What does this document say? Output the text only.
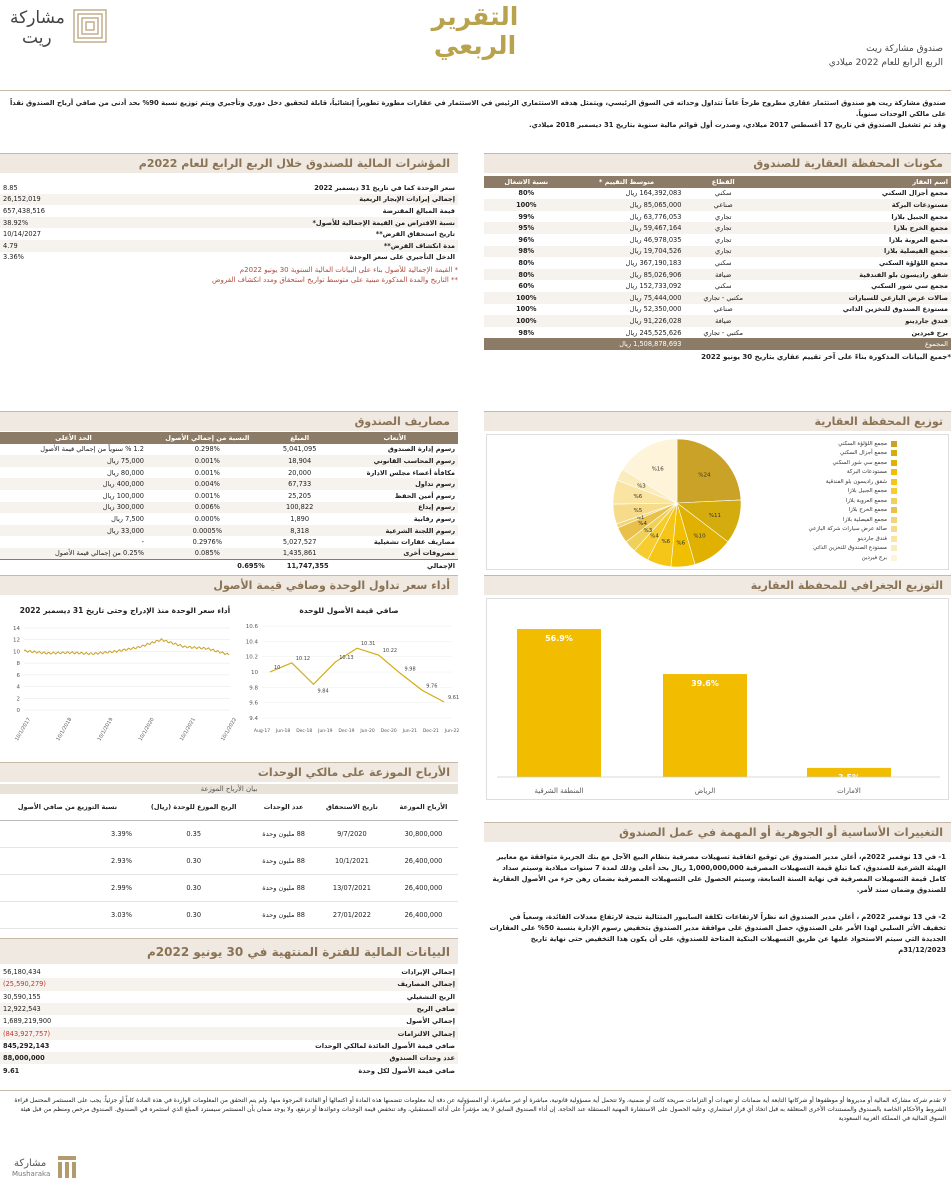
مشاركة
ريت
التقرير الربعي	صندوق مشاركة ريت
الربع الرابع للعام 2022 ميلادي
صندوق مشاركة ريت هو صندوق استثمار عقاري مطروح طرحاً عاماً تتداول وحداته في السوق الرئيسي، ويتمثل هدفه الاستثماري الرئيس في الاستثمار في عقارات مطورة تطويراً إنشائياً، قابلة لتحقيق دخل دوري وتأجيري ويتم توزيع نسبة 90% بحد أدنى من صافي أرباح الصندوق نقداً على مالكي الوحدات سنوياً.
وقد تم تشغيل الصندوق في تاريخ 17 أغسطس 2017 ميلادي، وصدرت أول قوائم مالية سنوية بتاريخ 31 ديسمبر 2018 ميلادي.
المؤشرات المالية للصندوق خلال الربع الرابع للعام 2022م
سعر الوحدة كما في تاريخ 31 ديسمبر 2022	8.85
إجمالي إيرادات الإيجار الربعية	26,152,019
قيمة المبالغ المقترضة	657,438,516
نسبة الاقتراض من القيمة الإجمالية للأصول*	38.92%
تاريخ استحقاق القرض**	10/14/2027
مدة انكشاف القرض**	4.79
الدخل التأجيري على سعر الوحدة	3.36%
* القيمة الإجمالية للأصول بناء على البيانات المالية السنوية 30 يونيو 2022م
** التاريخ والمدة المذكورة مبنية على متوسط تواريخ استحقاق ومدد انكشاف القروض
مكونات المحفظة العقارية للصندوق
اسم العقار	القطاع	متوسط التقييم *	نسبة الاشغال
مجمع أجزال السكني	سكني	164,392,083 ريال	80%
مستودعات البركة	صناعي	85,065,000 ريال	100%
مجمع الجبيل بلازا	تجاري	63,776,053 ريال	99%
مجمع الخرج بلازا	تجاري	59,467,164 ريال	95%
مجمع العروبة بلازا	تجاري	46,978,035 ريال	96%
مجمع الفيصلية بلازا	تجاري	19,704,526 ريال	98%
مجمع اللؤلؤة السكني	سكني	367,190,183 ريال	80%
شقق راديسون بلو الفندقية	ضيافة	85,026,906 ريال	80%
مجمع سي شور السكني	سكني	152,733,092 ريال	60%
صالات عرض البازعي للسيارات	مكتبي - تجاري	75,444,000 ريال	100%
مستودع الصندوق للتخزين الذاتي	صناعي	52,350,000 ريال	100%
فندق جاردينو	ضيافة	91,226,028 ريال	100%
برج فيردين	مكتبي - تجاري	245,525,626 ريال	98%
المجموع		1,508,878,693 ريال	
*جميع البيانات المذكورة بناءً على آخر تقييم عقاري بتاريخ 30 يونيو 2022
مصاريف الصندوق
الأتعاب	المبلغ	النسبة من إجمالي الأصول	الحد الأعلى
رسوم إدارة الصندوق	5,041,095	0.298%	1.2 % سنوياً من إجمالي قيمة الأصول
رسوم المحاسب القانوني	18,904	0.001%	75,000 ريال
مكافأة أعضاء مجلس الادارة	20,000	0.001%	80,000 ريال
رسوم تداول	67,733	0.004%	400,000 ريال
رسوم أمين الحفظ	25,205	0.001%	100,000 ريال
رسوم إيداع	100,822	0.006%	300,000 ريال
رسوم رقابية	1,890	0.000%	7,500 ريال
رسوم اللجنة الشرعية	8,318	0.0005%	33,000 ريال
مصاريف عقارات تشغيلية	5,027,527	0.2976%	-
مصروفات أخرى	1,435,861	0.085%	0.25% من إجمالي قيمة الأصول
الإجمالي	11,747,355	0.695%	
توزيع المحفظة العقارية
%24
%11
%10
%6
%6
%4
%3
%4
%1
%5
%6
%3
%16
مجمع اللؤلؤة السكني
مجمع أجزال السكني
مجمع سي شور السكني
مستودعات البركة
شقق راديسون بلو الفندقية
مجمع الجبيل بلازا
مجمع العروبة بلازا
مجمع الخرج بلازا
مجمع الفيصلية بلازا
صالة عرض سيارات شركة البازعي
فندق جاردينو
مستودع الصندوق للتخزين الذاتي
برج فيردين
أداء سعر تداول الوحدة وصافي قيمة الأصول
أداء سعر الوحدة منذ الإدراج وحتى تاريخ 31 ديسمبر 2022
0
2
4
6
8
10
12
14
10/1/2017	10/1/2018	10/1/2019	10/1/2020	10/1/2021	10/1/2022
صافي قيمة الأصول للوحدة
9.4
9.6
9.8
10
10.2
10.4
10.6
10
10.12
9.84
10.13
10.31
10.22
9.98
9.76
9.61
Aug-17 Jun-18 Dec-18 Jun-19 Dec-19 Jun-20 Dec-20 Jun-21 Dec-21 Jun-22
التوزيع الجغرافي للمحفظة العقارية
56.9%
المنطقة الشرقية
39.6%
الرياض
3.5%
الامارات
الأرباح الموزعة على مالكي الوحدات
بيان الأرباح الموزعة
الأرباح الموزعة	تاريخ الاستحقاق	عدد الوحدات	الربح الموزع للوحدة (ريال)	نسبة التوزيع من صافي الأصول
30,800,000	9/7/2020	88 مليون وحدة	0.35	3.39%
26,400,000	10/1/2021	88 مليون وحدة	0.30	2.93%
26,400,000	13/07/2021	88 مليون وحدة	0.30	2.99%
26,400,000	27/01/2022	88 مليون وحدة	0.30	3.03%

التغييرات الأساسية أو الجوهرية أو المهمة في عمل الصندوق
1- في 13 نوفمبر 2022م، أعلن مدير الصندوق عن توقيع اتفاقية تسهيلات مصرفية بنظام البيع الآجل مع بنك الجزيرة متوافقة مع معايير الهيئة الشرعية للصندوق، كما تبلغ قيمة التسهيلات المصرفية 1,000,000,000 ريال بحد أعلى وذلك لمدة 7 سنوات ميلادية وسيتم سداد كامل قيمة التسهيلات المصرفية في نهاية السنة السابعة، وسيتم الحصول على التسهيلات المصرفية بضمان رهن جزء من الأصول العقارية للصندوق وضمان سند لأمر.
2- في 13 نوفمبر 2022م ، أعلن مدير الصندوق انه نظراً لارتفاعات تكلفة السايبور المتتالية نتيجة لارتفاع معدلات الفائدة، وسعياً في تخفيف الأثر السلبي لهذا الأمر على الصندوق، حصل الصندوق على موافقة مدير الصندوق بتخفيض رسوم الإدارة بنسبة 50% على العقارات الجديدة التي سيتم الاستحواذ عليها عن طريق التسهيلات البنكية المتاحة للصندوق، على أن يكون هذا التخفيض حتى نهاية تاريخ 31/12/2023م
البيانات المالية للفترة المنتهية في 30 يونيو 2022م
إجمالي الإيرادات	56,180,434
إجمالي المصاريف	(25,590,279)
الربح التشغيلي	30,590,155
صافي الربح	12,922,543
إجمالي الأصول	1,689,219,900
إجمالي الالتزامات	(843,927,757)
صافي قيمة الأصول العائدة لمالكي الوحدات	845,292,143
عدد وحدات الصندوق	88,000,000
صافي قيمة الأصول لكل وحدة	9.61
لا تقدم شركة مشاركة المالية أو مديروها أو موظفوها أو شركاتها التابعة أية ضمانات أو تعهدات أو التزامات صريحة كانت أو ضمنية، ولا تتحمل أية مسؤولية قانونية، مباشرة أو غير مباشرة، أو المسؤولية عن دقة أية معلومات تتضمنها هذه المادة أو اكتمالها أو الفائدة المرجوة منها. ولم يتم التحقق من المعلومات الواردة في هذه المادة كلياً أو جزئياً. يجب على المستثمر المحتمل قراءة الشروط والأحكام الخاصة بالصندوق والمستندات الأخرى المتعلقة به قبل اتخاذ أي قرار استثماري، وعليه الحصول على الاستشارة المهنية المستقلة عند الحاجة. إن أداء الصندوق السابق لا يعد مؤشراً على أدائه المستقبلي، وقد تنخفض قيمة الوحدات وعوائدها أو ترتفع، ولا يوجد ضمان بأن المستثمر سيسترد المبلغ الذي استثمره في الصندوق. الصندوق مرخص ومنظم من قبل هيئة السوق المالية في المملكة العربية السعودية
مشاركة
Musharaka
